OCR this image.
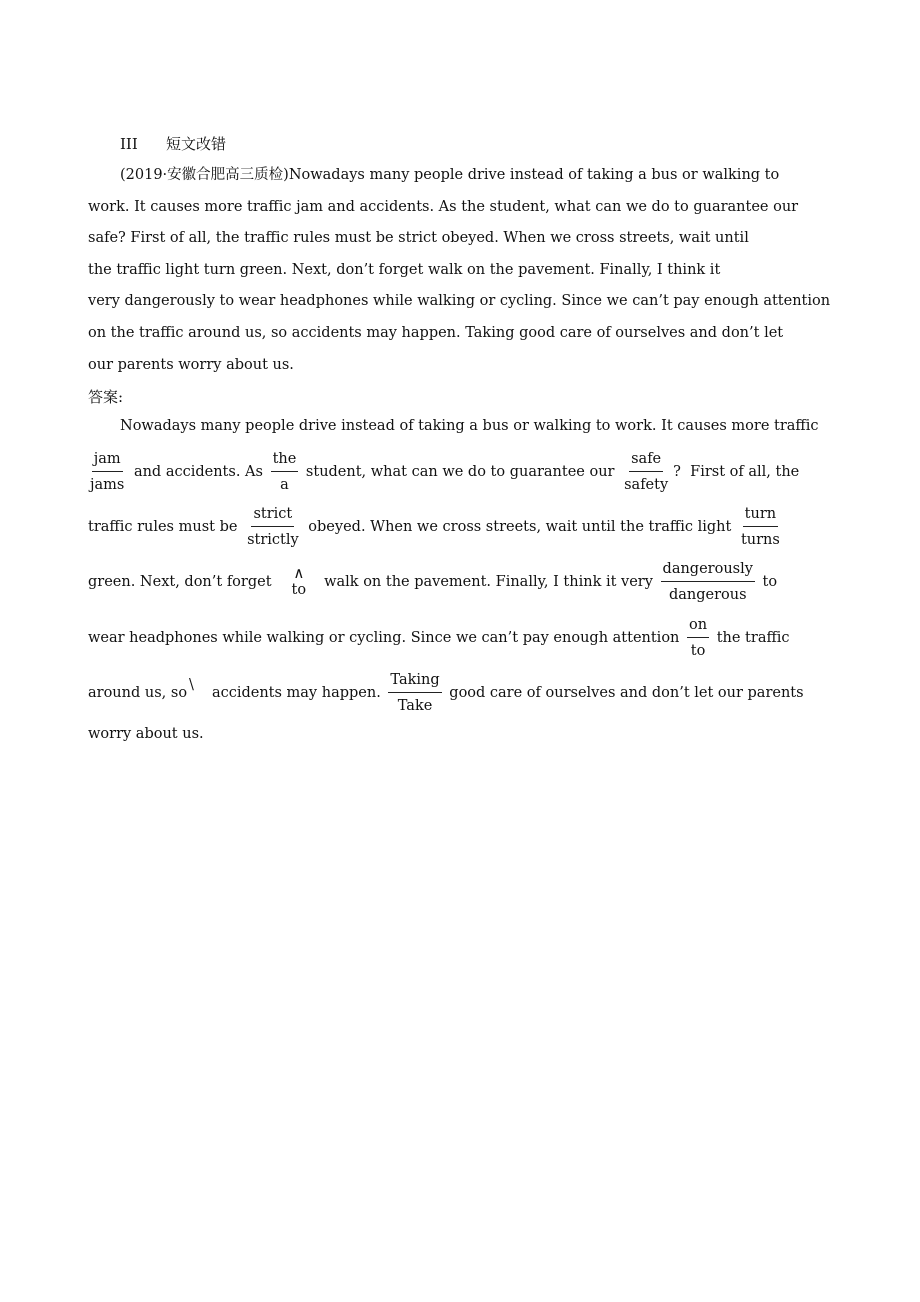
III 短文改错
(2019·安徽合肥高三质检)Nowadays many people drive instead of taking a bus or walking to
work. It causes more traffic jam and accidents. As the student, what can we do to guarantee our
safe? First of all, the traffic rules must be strict obeyed. When we cross streets, wait until
the traffic light turn green. Next, don’t forget walk on the pavement. Finally, I think it
very dangerously to wear headphones while walking or cycling. Since we can’t pay enough attention
on the traffic around us, so accidents may happen. Taking good care of ourselves and don’t let
our parents worry about us.
答案:
Nowadays many people drive instead of taking a bus or walking to work. It causes more traffic
$\frac{\text{jam}}{\text{jams}}$ and accidents. As $\frac{\text{the}}{a}$ student, what can we do to guarantee our $\frac{\text{safe}}{\text{safety}}$ ?  First of all, the
traffic rules must be $\frac{\text{strict}}{\text{strictly}}$ obeyed. When we cross streets, wait until the traffic light $\frac{\text{turn}}{\text{turns}}$
green. Next, don’t forget ∧
to walk on the pavement. Finally, I think it very $\frac{\text{dangerously}}{\text{dangerous}}$ to
wear headphones while walking or cycling. Since we can’t pay enough attention $\frac{on}{to}$ the traffic
around us, so \ accidents may happen. $\frac{\text{Taking}}{\text{Take}}$ good care of ourselves and don’t let our parents
worry about us.
